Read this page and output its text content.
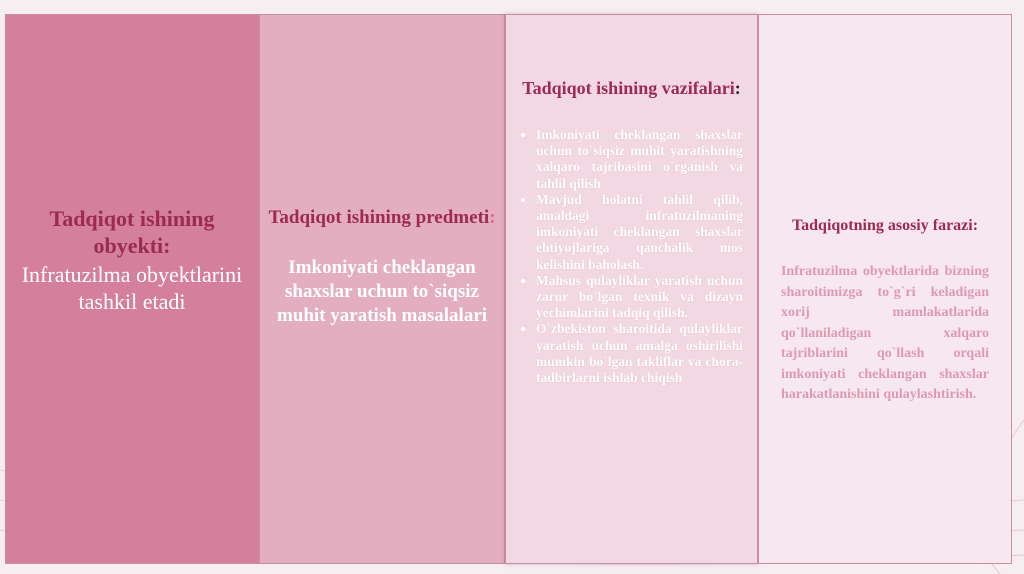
Tadqiqot ishining obyekti:
Infratuzilma obyektlarini tashkil etadi
Tadqiqot ishining predmeti:
Imkoniyati cheklangan shaxslar uchun to`siqsiz muhit yaratish masalalari
Tadqiqot ishining vazifalari:
• Imkoniyati cheklangan shaxslar uchun to`siqsiz muhit yaratishning xalqaro tajribasini o`rganish va tahlil qilish
• Mavjud holatni tahlil qilib, amaldagi infratuzilmaning imkoniyati cheklangan shaxslar ehtiyojlariga qanchalik mos kelishini baholash.
• Mahsus qulayliklar yaratish uchun zarur bo`lgan texnik va dizayn yechimlarini tadqiq qilish.
• O`zbekiston sharoitida qulayliklar yaratish uchun amalga oshirilishi mumkin bo`lgan takliflar va chora-tadbirlarni ishlab chiqish
Tadqiqotning asosiy farazi:
Infratuzilma obyektlarida bizning sharoitimizga to`g`ri keladigan xorij mamlakatlarida qo`llaniladigan xalqaro tajriblarini qo`llash orqali imkoniyati cheklangan shaxslar harakatlanishini qulaylashtirish.
